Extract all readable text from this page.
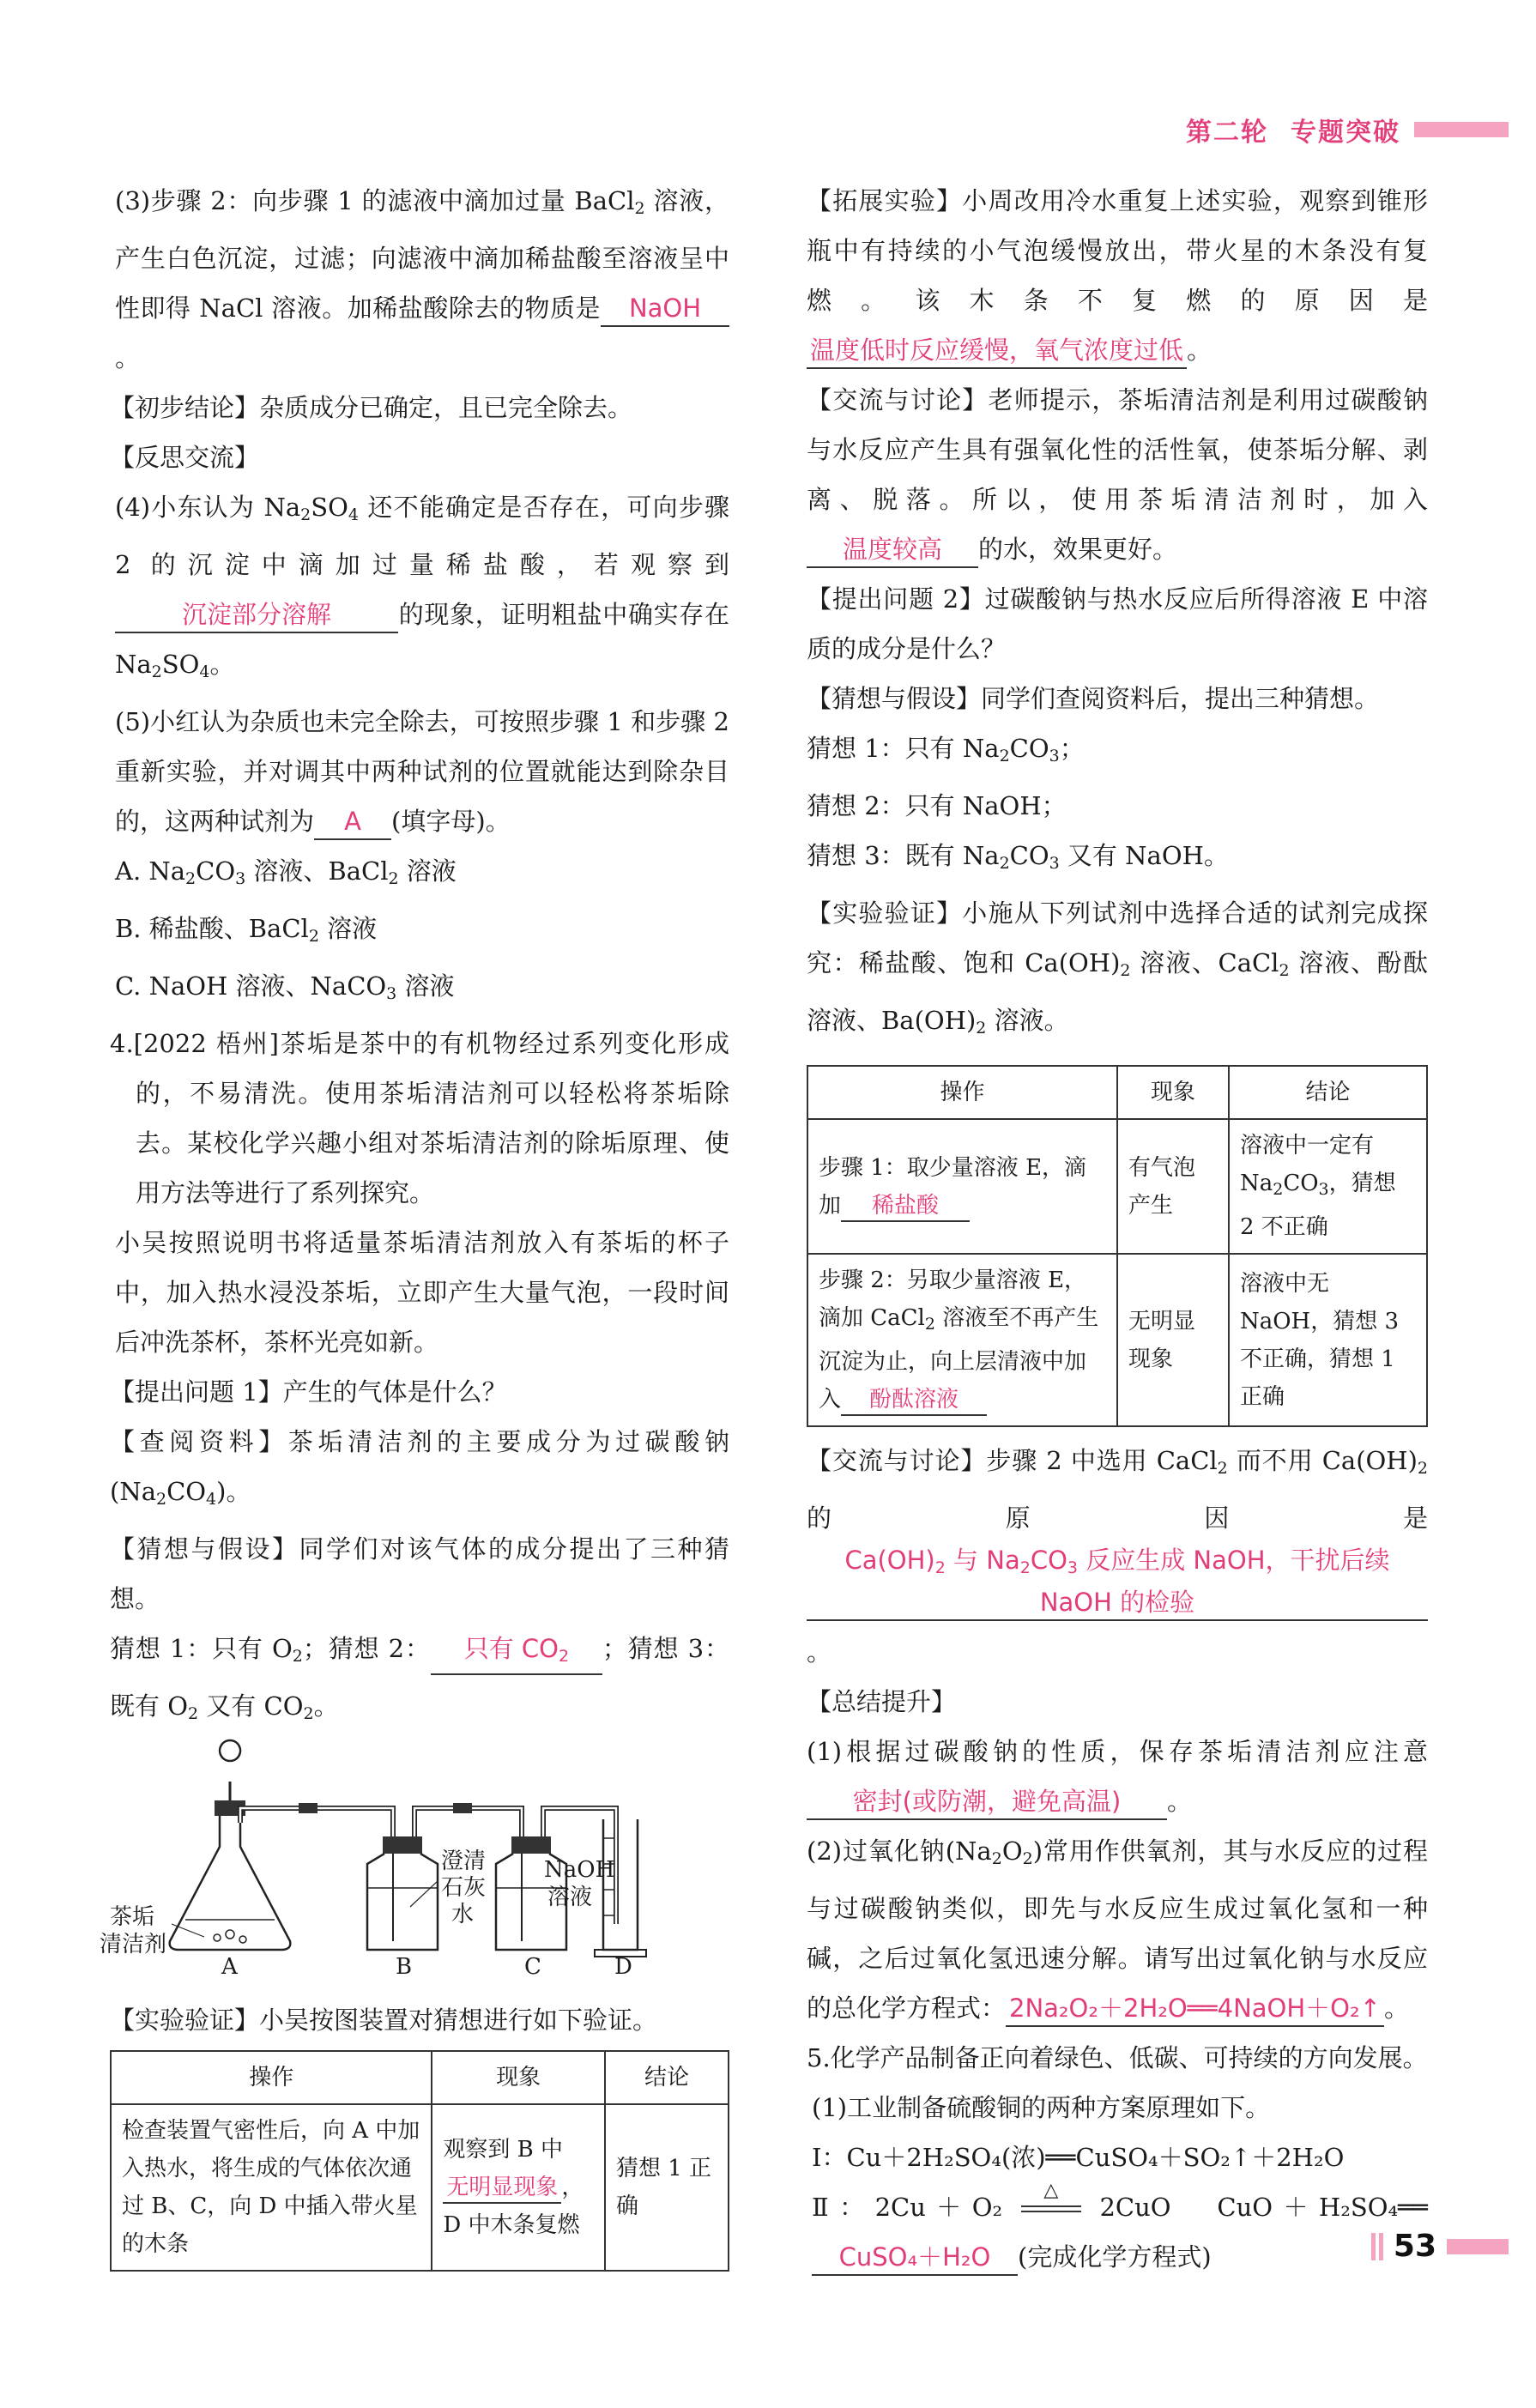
第二轮 专题突破
(3)步骤 2：向步骤 1 的滤液中滴加过量 BaCl$_2$ 溶液，产生白色沉淀，过滤；向滤液中滴加稀盐酸至溶液呈中性即得 NaCl 溶液。加稀盐酸除去的物质是 NaOH。
【初步结论】杂质成分已确定，且已完全除去。
【反思交流】
(4)小东认为 $Na_2SO_4$ 还不能确定是否存在，可向步骤 2 的沉淀中滴加过量稀盐酸，若观察到沉淀部分溶解	的现象，证明粗盐中确实存在 $Na_2SO_4$。
(5)小红认为杂质也未完全除去，可按照步骤 1 和步骤 2 重新实验，并对调其中两种试剂的位置就能达到除杂目的，这两种试剂为 A (填字母)。
A. $Na_2CO_3$ 溶液、BaCl$_2$ 溶液
B. 稀盐酸、BaCl$_2$ 溶液
C. NaOH 溶液、NaCO$_3$ 溶液
4.[2022 梧州]茶垢是茶中的有机物经过系列变化形成的，不易清洗。使用茶垢清洁剂可以轻松将茶垢除去。某校化学兴趣小组对茶垢清洁剂的除垢原理、使用方法等进行了系列探究。
小吴按照说明书将适量茶垢清洁剂放入有茶垢的杯子中，加入热水浸没茶垢，立即产生大量气泡，一段时间后冲洗茶杯，茶杯光亮如新。
【提出问题 1】产生的气体是什么？
【查阅资料】茶垢清洁剂的主要成分为过碳酸钠$(Na_2CO_4)$。
【猜想与假设】同学们对该气体的成分提出了三种猜想。
猜想 1：只有 $O_2$；猜想 2： 只有 $CO_2$ ；猜想 3：既有 $O_2$ 又有 $CO_2$。
茶垢
清洁剂
澄清
石灰
水
NaOH
溶液
A	B	C	D
【实验验证】小吴按图装置对猜想进行如下验证。
操作	现象	结论
检查装置气密性后，向 A 中加入热水，将生成的气体依次通过 B、C，向 D 中插入带火星的木条	观察到 B 中无明显现象 ，D 中木条复燃	猜想 1 正确
【拓展实验】小周改用冷水重复上述实验，观察到锥形瓶中有持续的小气泡缓慢放出，带火星的木条没有复燃。该木条不复燃的原因是温度低时反应缓慢，氧气浓度过低 。
【交流与讨论】老师提示，茶垢清洁剂是利用过碳酸钠与水反应产生具有强氧化性的活性氧，使茶垢分解、剥离、脱落。所以，使用茶垢清洁剂时，加入温度较高 的水，效果更好。
【提出问题 2】过碳酸钠与热水反应后所得溶液 E 中溶质的成分是什么？
【猜想与假设】同学们查阅资料后，提出三种猜想。
猜想 1：只有 $Na_2CO_3$；
猜想 2：只有 NaOH；
猜想 3：既有 $Na_2CO_3$ 又有 NaOH。
【实验验证】小施从下列试剂中选择合适的试剂完成探究：稀盐酸、饱和 $Ca(OH)_2$ 溶液、CaCl$_2$ 溶液、酚酞溶液、$Ba(OH)_2$ 溶液。
操作	现象	结论
步骤 1：取少量溶液 E，滴加 稀盐酸	有气泡产生	溶液中一定有 $Na_2CO_3$，猜想 2 不正确
步骤 2：另取少量溶液 E，滴加 CaCl$_2$ 溶液至不再产生沉淀为止，向上层清液中加入 酚酞溶液	无明显现象	溶液中无 NaOH，猜想 3 不正确，猜想 1 正确
【交流与讨论】步骤 2 中选用 CaCl$_2$ 而不用 $Ca(OH)_2$ 的原因是$Ca(OH)_2$ 与 $Na_2CO_3$ 反应生成 NaOH，干扰后续 NaOH 的检验。
【总结提升】
(1)根据过碳酸钠的性质，保存茶垢清洁剂应注意密封(或防潮，避免高温) 。
(2)过氧化钠$(Na_2O_2)$常用作供氧剂，其与水反应的过程与过碳酸钠类似，即先与水反应生成过氧化氢和一种碱，之后过氧化氢迅速分解。请写出过氧化钠与水反应的总化学方程式： 2Na₂O₂＋2H₂O══4NaOH＋O₂↑ 。
5.化学产品制备正向着绿色、低碳、可持续的方向发展。
(1)工业制备硫酸铜的两种方案原理如下。
Ⅰ：Cu＋2H₂SO₄(浓)══CuSO₄＋SO₂↑＋2H₂O
Ⅱ：2Cu＋O₂
△
2CuO　CuO＋H₂SO₄══CuSO₄＋H₂O (完成化学方程式)	53
